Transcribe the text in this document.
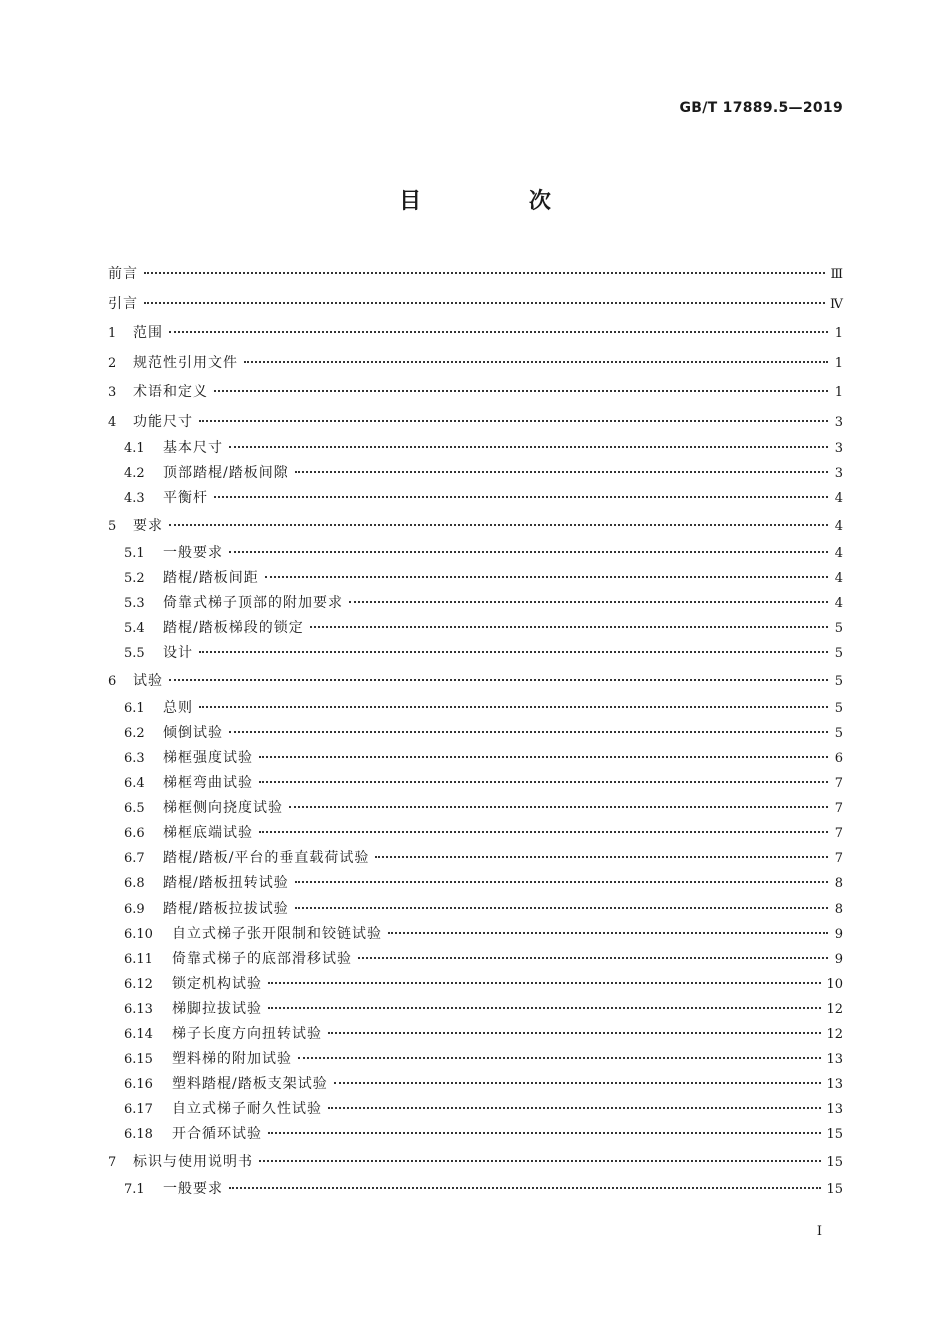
GB/T 17889.5—2019
目 次
前言	Ⅲ
引言	Ⅳ
1	范围	1
2	规范性引用文件	1
3	术语和定义	1
4	功能尺寸	3
4.1	基本尺寸	3
4.2	顶部踏棍/踏板间隙	3
4.3	平衡杆	4
5	要求	4
5.1	一般要求	4
5.2	踏棍/踏板间距	4
5.3	倚靠式梯子顶部的附加要求	4
5.4	踏棍/踏板梯段的锁定	5
5.5	设计	5
6	试验	5
6.1	总则	5
6.2	倾倒试验	5
6.3	梯框强度试验	6
6.4	梯框弯曲试验	7
6.5	梯框侧向挠度试验	7
6.6	梯框底端试验	7
6.7	踏棍/踏板/平台的垂直载荷试验	7
6.8	踏棍/踏板扭转试验	8
6.9	踏棍/踏板拉拔试验	8
6.10	自立式梯子张开限制和铰链试验	9
6.11	倚靠式梯子的底部滑移试验	9
6.12	锁定机构试验	10
6.13	梯脚拉拔试验	12
6.14	梯子长度方向扭转试验	12
6.15	塑料梯的附加试验	13
6.16	塑料踏棍/踏板支架试验	13
6.17	自立式梯子耐久性试验	13
6.18	开合循环试验	15
7	标识与使用说明书	15
7.1	一般要求	15
I
